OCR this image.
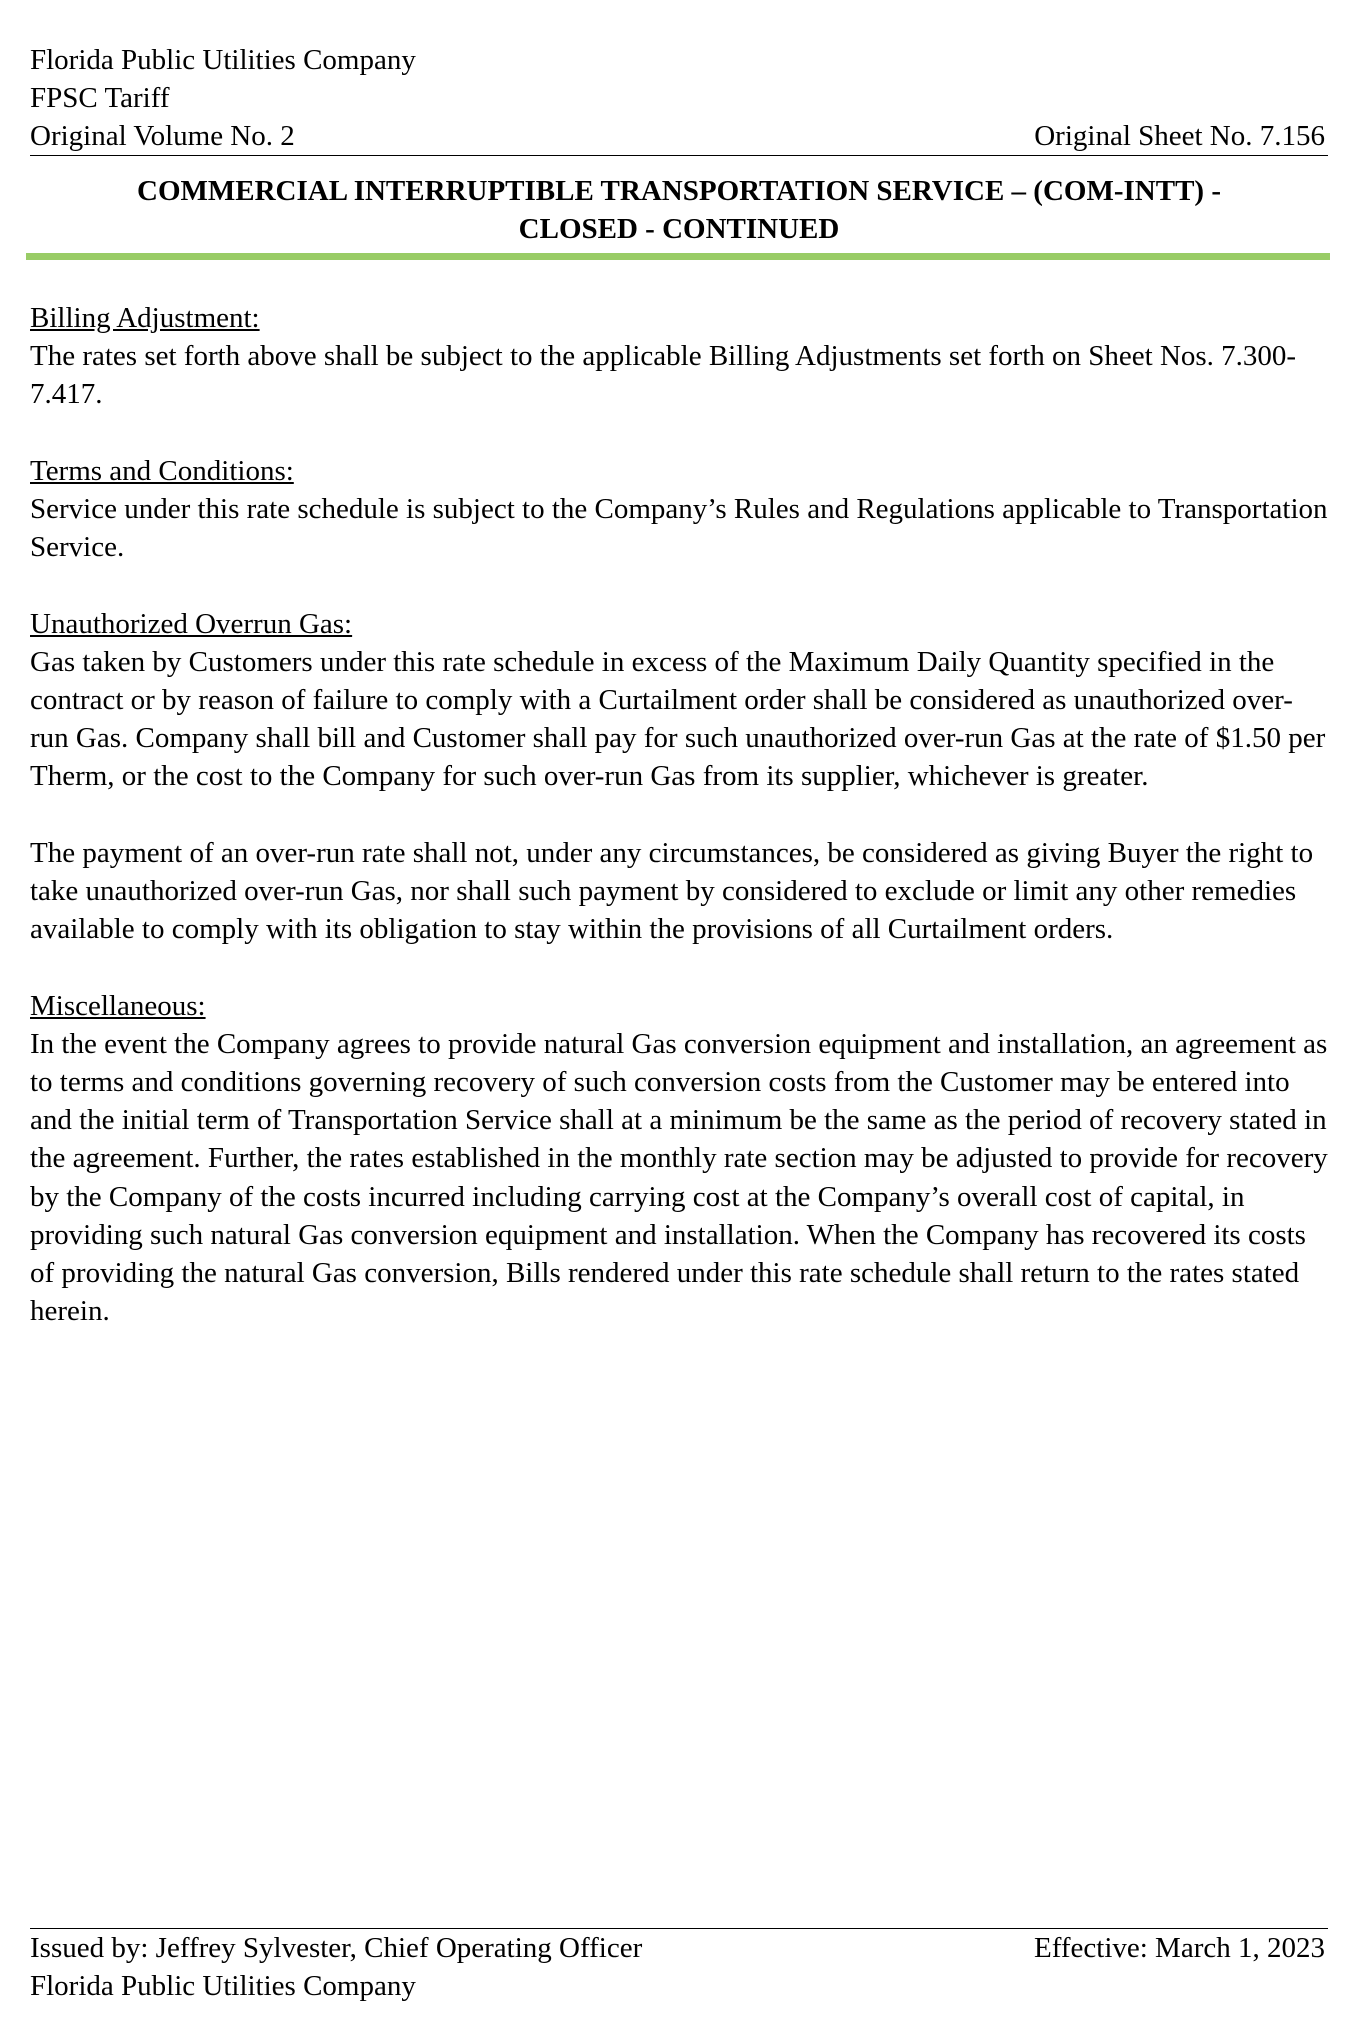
Florida Public Utilities Company
FPSC Tariff
Original Volume No. 2	Original Sheet No. 7.156
COMMERCIAL INTERRUPTIBLE TRANSPORTATION SERVICE – (COM-INTT) -
CLOSED - CONTINUED
Billing Adjustment:
The rates set forth above shall be subject to the applicable Billing Adjustments set forth on Sheet Nos. 7.300-7.417.
Terms and Conditions:
Service under this rate schedule is subject to the Company’s Rules and Regulations applicable to Transportation Service.
Unauthorized Overrun Gas:
Gas taken by Customers under this rate schedule in excess of the Maximum Daily Quantity specified in the contract or by reason of failure to comply with a Curtailment order shall be considered as unauthorized over-run Gas. Company shall bill and Customer shall pay for such unauthorized over-run Gas at the rate of $1.50 per Therm, or the cost to the Company for such over-run Gas from its supplier, whichever is greater.
The payment of an over-run rate shall not, under any circumstances, be considered as giving Buyer the right to take unauthorized over-run Gas, nor shall such payment by considered to exclude or limit any other remedies available to comply with its obligation to stay within the provisions of all Curtailment orders.
Miscellaneous:
In the event the Company agrees to provide natural Gas conversion equipment and installation, an agreement as to terms and conditions governing recovery of such conversion costs from the Customer may be entered into and the initial term of Transportation Service shall at a minimum be the same as the period of recovery stated in the agreement. Further, the rates established in the monthly rate section may be adjusted to provide for recovery by the Company of the costs incurred including carrying cost at the Company’s overall cost of capital, in providing such natural Gas conversion equipment and installation. When the Company has recovered its costs of providing the natural Gas conversion, Bills rendered under this rate schedule shall return to the rates stated herein.
Issued by: Jeffrey Sylvester, Chief Operating Officer	Effective: March 1, 2023
Florida Public Utilities Company
